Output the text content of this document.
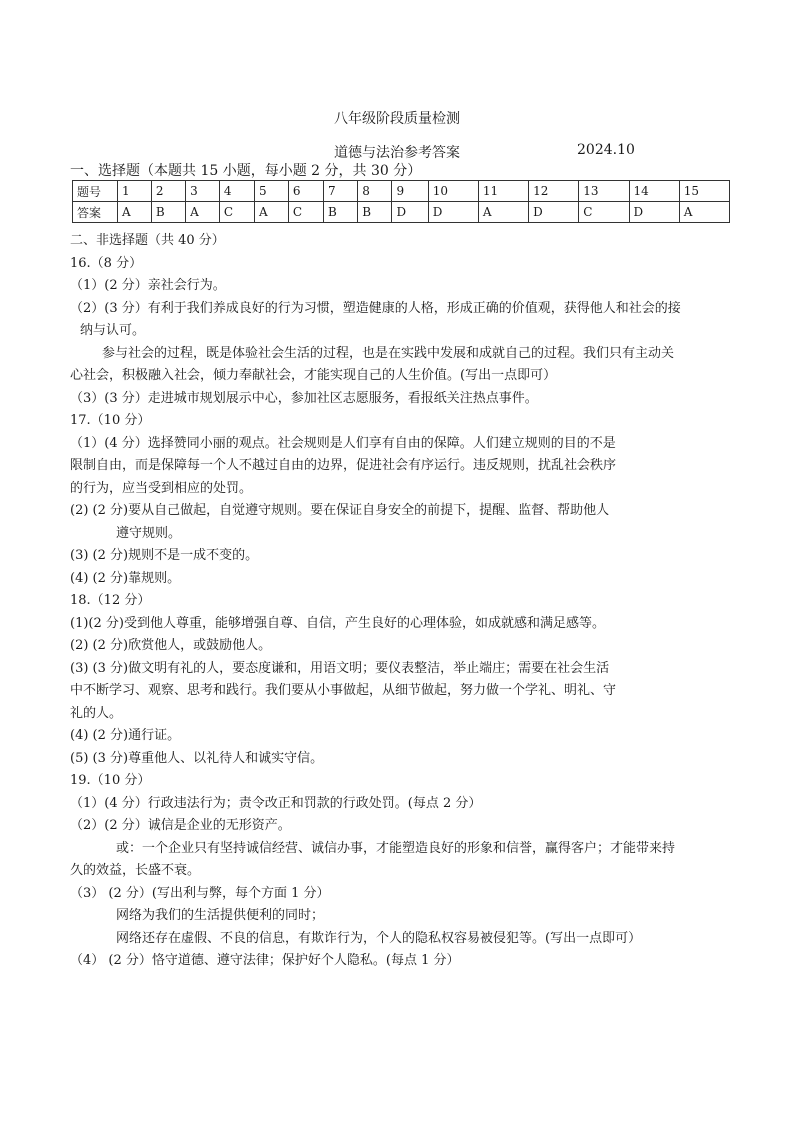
八年级阶段质量检测
道德与法治参考答案	2024.10
一、选择题（本题共 15 小题，每小题 2 分，共 30 分）
题号	1	2	3	4	5	6	7	8	9	10	11	12	13	14	15
答案	A	B	A	C	A	C	B	B	D	D	A	D	C	D	A
二、非选择题（共 40 分）
16.（8 分）
（1）(2 分）亲社会行为。
（2）(3 分）有利于我们养成良好的行为习惯，塑造健康的人格，形成正确的价值观，获得他人和社会的接
纳与认可。
参与社会的过程，既是体验社会生活的过程，也是在实践中发展和成就自己的过程。我们只有主动关
心社会，积极融入社会，倾力奉献社会，才能实现自己的人生价值。(写出一点即可）
（3）(3 分）走进城市规划展示中心，参加社区志愿服务，看报纸关注热点事件。
17.（10 分）
（1）(4 分）选择赞同小丽的观点。社会规则是人们享有自由的保障。人们建立规则的目的不是
限制自由，而是保障每一个人不越过自由的边界，促进社会有序运行。违反规则，扰乱社会秩序
的行为，应当受到相应的处罚。
(2) (2 分)要从自己做起，自觉遵守规则。要在保证自身安全的前提下，提醒、监督、帮助他人
遵守规则。
(3) (2 分)规则不是一成不变的。
(4) (2 分)靠规则。
18.（12 分）
(1)(2 分)受到他人尊重，能够增强自尊、自信，产生良好的心理体验，如成就感和满足感等。
(2) (2 分)欣赏他人，或鼓励他人。
(3) (3 分)做文明有礼的人，要态度谦和，用语文明；要仪表整洁，举止端庄；需要在社会生活
中不断学习、观察、思考和践行。我们要从小事做起，从细节做起，努力做一个学礼、明礼、守
礼的人。
(4) (2 分)通行证。
(5) (3 分)尊重他人、以礼待人和诚实守信。
19.（10 分）
（1）(4 分）行政违法行为；责令改正和罚款的行政处罚。(每点 2 分）
（2）(2 分）诚信是企业的无形资产。
或：一个企业只有坚持诚信经营、诚信办事，才能塑造良好的形象和信誉，赢得客户；才能带来持
久的效益，长盛不衰。
（3） (2 分）(写出利与弊，每个方面 1 分）
网络为我们的生活提供便利的同时；
网络还存在虚假、不良的信息，有欺诈行为，个人的隐私权容易被侵犯等。(写出一点即可）
（4） (2 分）恪守道德、遵守法律；保护好个人隐私。(每点 1 分）
